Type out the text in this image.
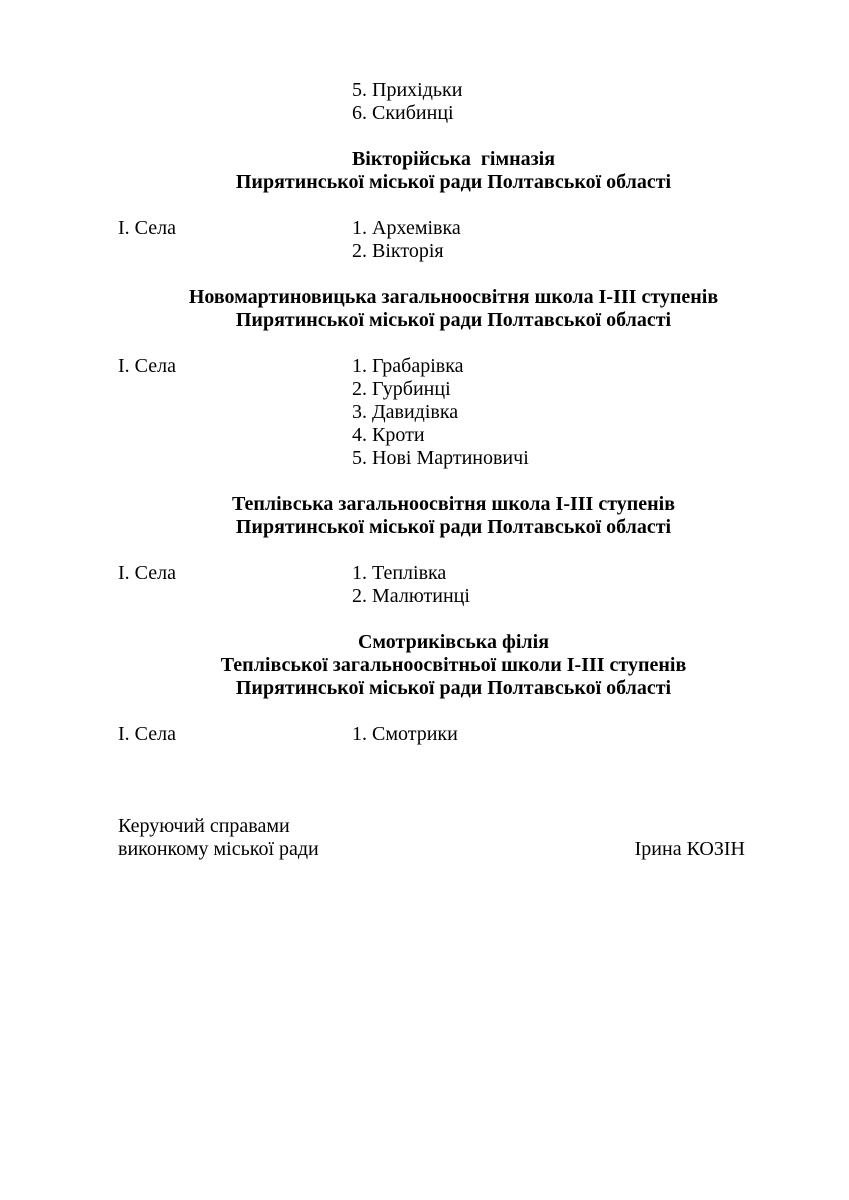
5. Прихідьки
6. Скибинці
Вікторійська  гімназія
Пирятинської міської ради Полтавської області
І. Села	1. Архемівка
2. Вікторія
Новомартиновицька загальноосвітня школа І-ІІІ ступенів
Пирятинської міської ради Полтавської області
І. Села	1. Грабарівка
2. Гурбинці
3. Давидівка
4. Кроти
5. Нові Мартиновичі
Теплівська загальноосвітня школа І-ІІІ ступенів
Пирятинської міської ради Полтавської області
І. Села	1. Теплівка
2. Малютинці
Смотриківська філія
Теплівської загальноосвітньої школи І-ІІІ ступенів
Пирятинської міської ради Полтавської області
І. Села	1. Смотрики
Керуючий справами
виконкому міської ради	Ірина КОЗІН
